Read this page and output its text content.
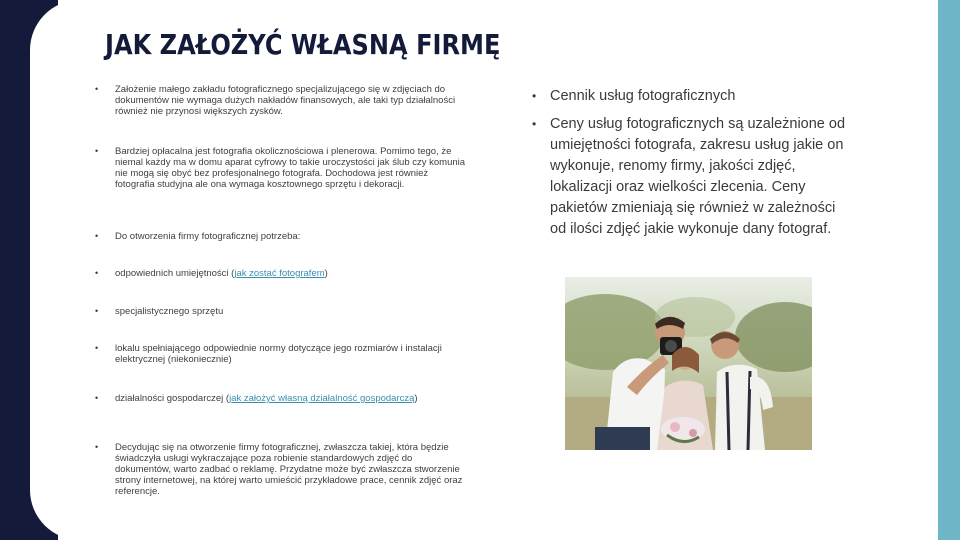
JAK ZAŁOŻYĆ WŁASNĄ FIRMĘ
• Założenie małego zakładu fotograficznego specjalizującego się w zdjęciach do dokumentów nie wymaga dużych nakładów finansowych, ale taki typ działalności również nie przynosi większych zysków.
• Bardziej opłacalna jest fotografia okolicznościowa i plenerowa. Pomimo tego, że niemal każdy ma w domu aparat cyfrowy to takie uroczystości jak ślub czy komunia nie mogą się obyć bez profesjonalnego fotografa. Dochodowa jest również fotografia studyjna ale ona wymaga kosztownego sprzętu i dekoracji.
• Do otworzenia firmy fotograficznej potrzeba:
• odpowiednich umiejętności (jak zostać fotografem)
• specjalistycznego sprzętu
• lokalu spełniającego odpowiednie normy dotyczące jego rozmiarów i instalacji elektrycznej (niekoniecznie)
• działalności gospodarczej (jak założyć własną działalność gospodarczą)
• Decydując się na otworzenie firmy fotograficznej, zwłaszcza takiej, która będzie świadczyła usługi wykraczające poza robienie standardowych zdjęć do dokumentów, warto zadbać o reklamę. Przydatne może być zwłaszcza stworzenie strony internetowej, na której warto umieścić przykładowe prace, cennik zdjęć oraz referencje.
• Cennik usług fotograficznych
• Ceny usług fotograficznych są uzależnione od umiejętności fotografa, zakresu usług jakie on wykonuje, renomy firmy, jakości zdjęć, lokalizacji oraz wielkości zlecenia. Ceny pakietów zmieniają się również w zależności od ilości zdjęć jakie wykonuje dany fotograf.
